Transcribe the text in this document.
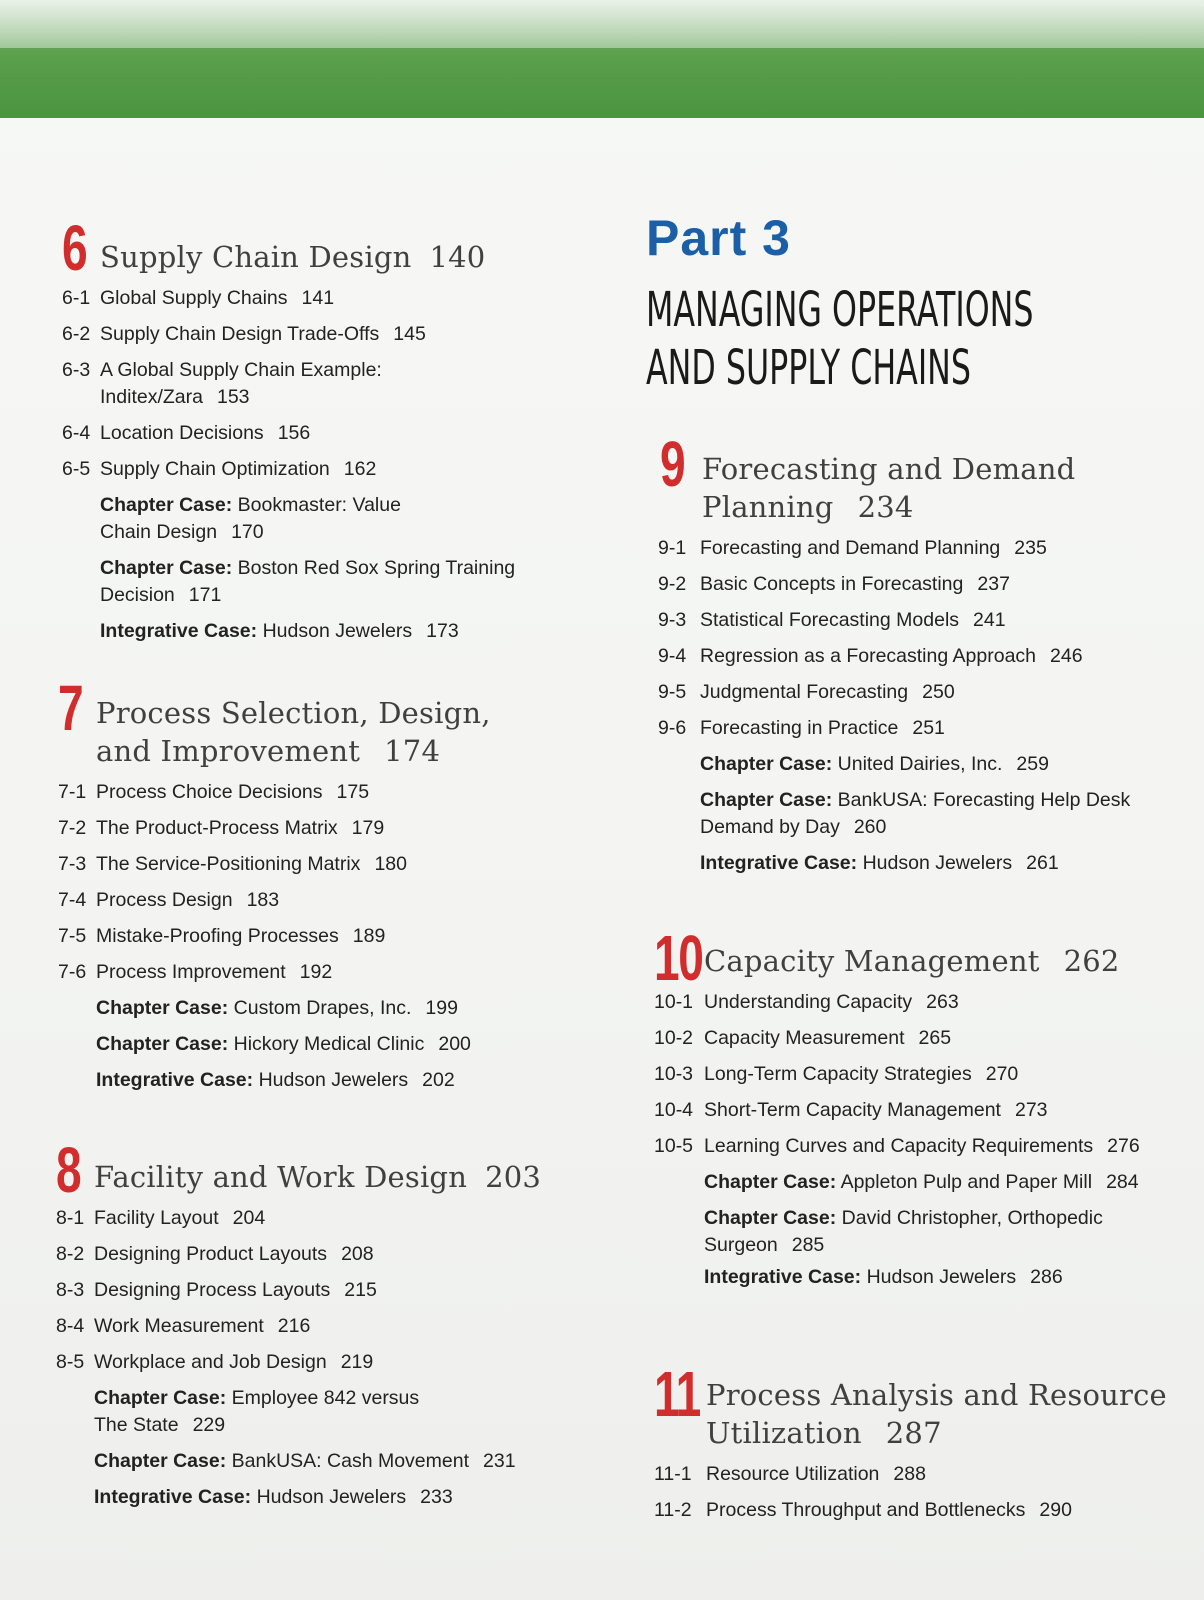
6 Supply Chain Design 140
6-1 Global Supply Chains 141
6-2 Supply Chain Design Trade-Offs 145
6-3 A Global Supply Chain Example: Inditex/Zara 153
6-4 Location Decisions 156
6-5 Supply Chain Optimization 162
Chapter Case: Bookmaster: Value Chain Design 170
Chapter Case: Boston Red Sox Spring Training Decision 171
Integrative Case: Hudson Jewelers 173
7 Process Selection, Design,
and Improvement 174
7-1 Process Choice Decisions 175
7-2 The Product-Process Matrix 179
7-3 The Service-Positioning Matrix 180
7-4 Process Design 183
7-5 Mistake-Proofing Processes 189
7-6 Process Improvement 192
Chapter Case: Custom Drapes, Inc. 199
Chapter Case: Hickory Medical Clinic 200
Integrative Case: Hudson Jewelers 202
8 Facility and Work Design 203
8-1 Facility Layout 204
8-2 Designing Product Layouts 208
8-3 Designing Process Layouts 215
8-4 Work Measurement 216
8-5 Workplace and Job Design 219
Chapter Case: Employee 842 versus The State 229
Chapter Case: BankUSA: Cash Movement 231
Integrative Case: Hudson Jewelers 233
Part 3
MANAGING OPERATIONS
AND SUPPLY CHAINS
9 Forecasting and Demand
Planning 234
9-1 Forecasting and Demand Planning 235
9-2 Basic Concepts in Forecasting 237
9-3 Statistical Forecasting Models 241
9-4 Regression as a Forecasting Approach 246
9-5 Judgmental Forecasting 250
9-6 Forecasting in Practice 251
Chapter Case: United Dairies, Inc. 259
Chapter Case: BankUSA: Forecasting Help Desk Demand by Day 260
Integrative Case: Hudson Jewelers 261
10 Capacity Management 262
10-1 Understanding Capacity 263
10-2 Capacity Measurement 265
10-3 Long-Term Capacity Strategies 270
10-4 Short-Term Capacity Management 273
10-5 Learning Curves and Capacity Requirements 276
Chapter Case: Appleton Pulp and Paper Mill 284
Chapter Case: David Christopher, Orthopedic Surgeon 285
Integrative Case: Hudson Jewelers 286
11 Process Analysis and Resource
Utilization 287
11-1 Resource Utilization 288
11-2 Process Throughput and Bottlenecks 290
